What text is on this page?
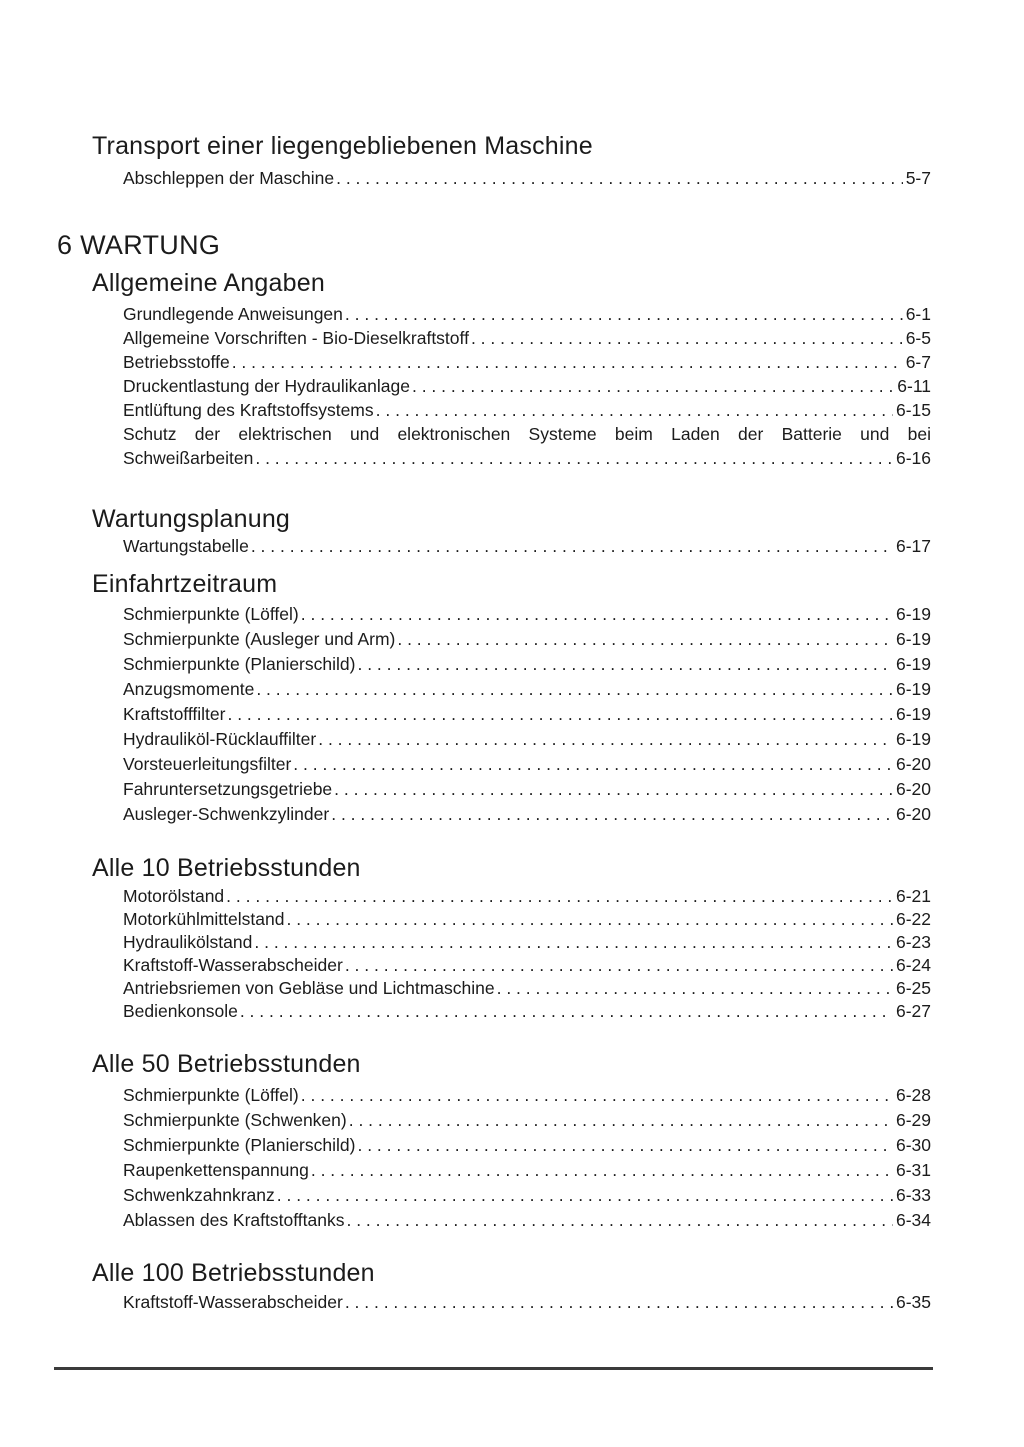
Transport einer liegengebliebenen Maschine
Abschleppen der Maschine . . .	5-7
6 WARTUNG
Allgemeine Angaben
Grundlegende Anweisungen . . .	6-1
Allgemeine Vorschriften - Bio-Dieselkraftstoff . . .	6-5
Betriebsstoffe . . .	6-7
Druckentlastung der Hydraulikanlage . . .	6-11
Entlüftung des Kraftstoffsystems . . .	6-15
Schutz der elektrischen und elektronischen Systeme beim Laden der Batterie und bei
Schweißarbeiten . . .	6-16
Wartungsplanung
Wartungstabelle . . .	6-17
Einfahrtzeitraum
Schmierpunkte (Löffel) . . .	6-19
Schmierpunkte (Ausleger und Arm) . . .	6-19
Schmierpunkte (Planierschild) . . .	6-19
Anzugsmomente . . .	6-19
Kraftstofffilter . . .	6-19
Hydrauliköl-Rücklauffilter . . .	6-19
Vorsteuerleitungsfilter . . .	6-20
Fahruntersetzungsgetriebe . . .	6-20
Ausleger-Schwenkzylinder . . .	6-20
Alle 10 Betriebsstunden
Motorölstand . . .	6-21
Motorkühlmittelstand . . .	6-22
Hydraulikölstand . . .	6-23
Kraftstoff-Wasserabscheider . . .	6-24
Antriebsriemen von Gebläse und Lichtmaschine . . .	6-25
Bedienkonsole . . .	6-27
Alle 50 Betriebsstunden
Schmierpunkte (Löffel) . . .	6-28
Schmierpunkte (Schwenken) . . .	6-29
Schmierpunkte (Planierschild) . . .	6-30
Raupenkettenspannung . . .	6-31
Schwenkzahnkranz . . .	6-33
Ablassen des Kraftstofftanks . . .	6-34
Alle 100 Betriebsstunden
Kraftstoff-Wasserabscheider . . .	6-35
